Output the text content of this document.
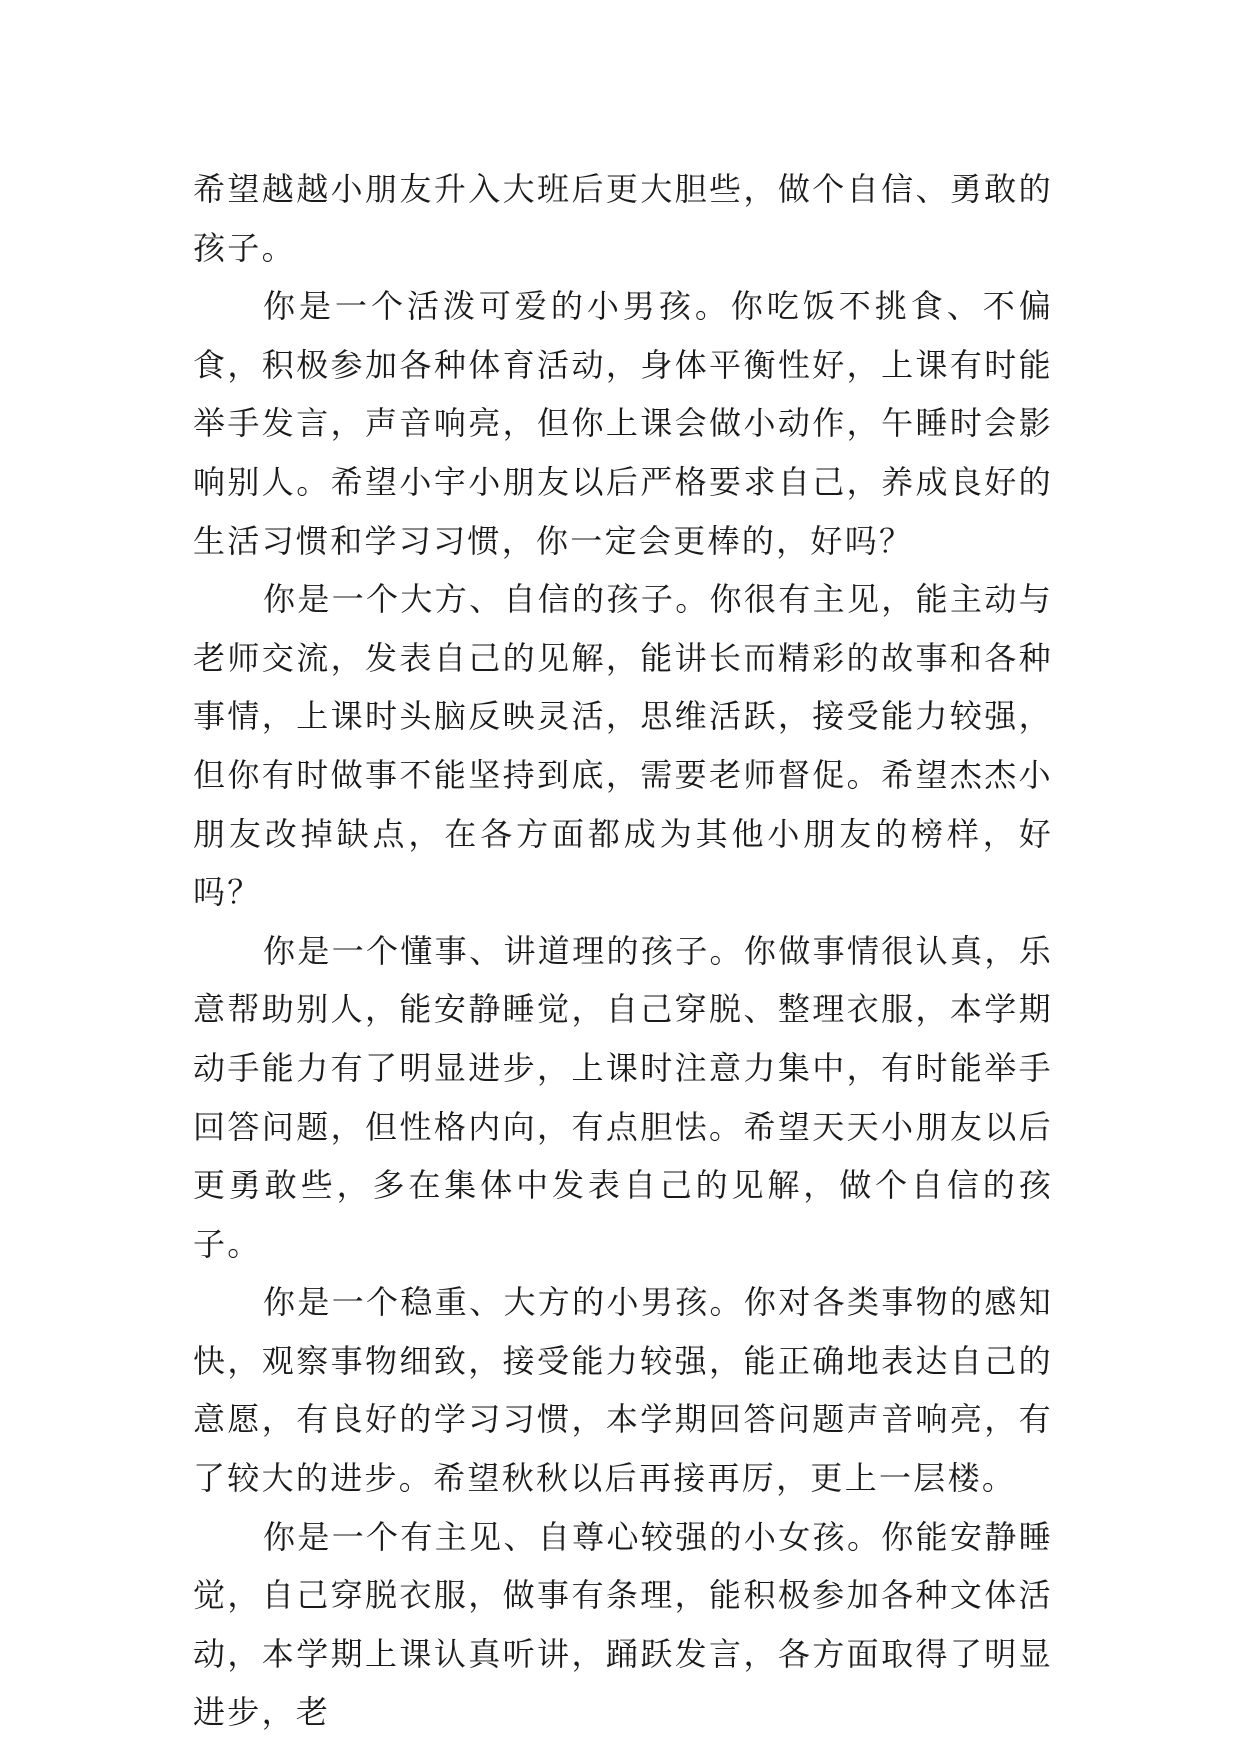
希望越越小朋友升入大班后更大胆些，做个自信、勇敢的孩子。

你是一个活泼可爱的小男孩。你吃饭不挑食、不偏食，积极参加各种体育活动，身体平衡性好，上课有时能举手发言，声音响亮，但你上课会做小动作，午睡时会影响别人。希望小宇小朋友以后严格要求自己，养成良好的生活习惯和学习习惯，你一定会更棒的，好吗？

你是一个大方、自信的孩子。你很有主见，能主动与老师交流，发表自己的见解，能讲长而精彩的故事和各种事情，上课时头脑反映灵活，思维活跃，接受能力较强，但你有时做事不能坚持到底，需要老师督促。希望杰杰小朋友改掉缺点，在各方面都成为其他小朋友的榜样，好吗？

你是一个懂事、讲道理的孩子。你做事情很认真，乐意帮助别人，能安静睡觉，自己穿脱、整理衣服，本学期动手能力有了明显进步，上课时注意力集中，有时能举手回答问题，但性格内向，有点胆怯。希望天天小朋友以后更勇敢些，多在集体中发表自己的见解，做个自信的孩子。

你是一个稳重、大方的小男孩。你对各类事物的感知快，观察事物细致，接受能力较强，能正确地表达自己的意愿，有良好的学习习惯，本学期回答问题声音响亮，有了较大的进步。希望秋秋以后再接再厉，更上一层楼。

你是一个有主见、自尊心较强的小女孩。你能安静睡觉，自己穿脱衣服，做事有条理，能积极参加各种文体活动，本学期上课认真听讲，踊跃发言，各方面取得了明显进步，老
